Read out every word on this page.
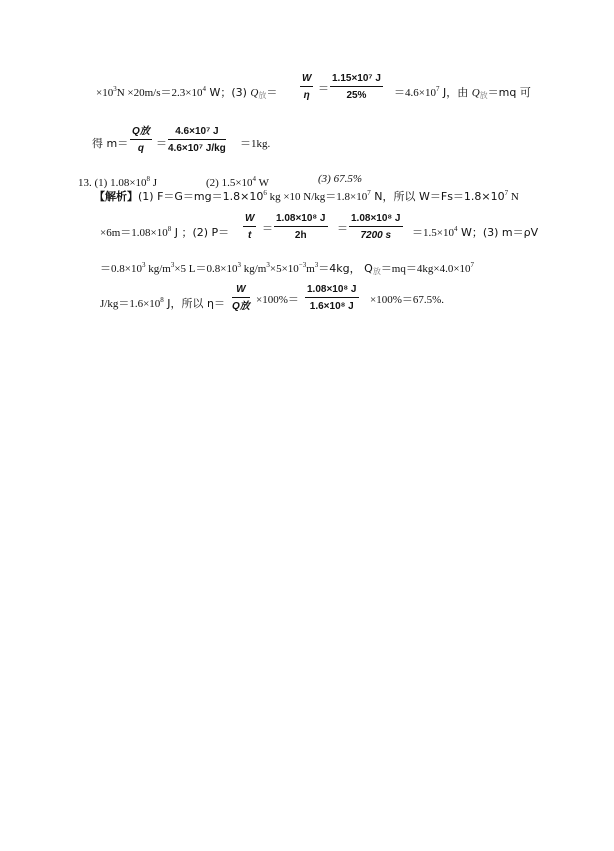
$\times 10^3N \times 20m/s=2.3\times 10^4$ W；(3) $Q_放= \frac{W}{\eta} = \frac{\text{1.15×10⁷ J}}{25\%} =4.6\times 10^7$ J，由 $Q_放=mq$ 可
得 m＝
Q放
q	＝ $\frac{\text{4.6×10⁷ J}}{\text{4.6×10⁷ J/kg}} =1kg$.
13. (1) $1.08\times 10^8$ J	(2) $1.5\times 10^4$ W	(3) 67.5%
【解析】(1) $F=G=mg=1.8\times 10^6$ kg ×10 $N/kg=1.8\times 10^7$ N，所以 $W=Fs=1.8\times 10^7$ N
$\times 6m=1.08\times 10^8$ J ；(2) $P= \frac{W}{t} = \frac{\text{1.08×10⁸ J}}{2h} = \frac{\text{1.08×10⁸ J}}{7200 s} =1.5\times 10^4$ W；(3) m＝ρV
$=0.8\times 10^3$ $kg/m^3\times 5$ $L=0.8\times 10^3$ $kg/m^3\times 5\times 10^{-3}m^3=4kg$， $Q_放=mq=4kg\times 4.0\times 10^7$
$J/kg=1.6\times 10^8$ J，所以 η＝
W
Q放
$\times 100\%= \frac{\text{1.08×10⁸ J}}{\text{1.6×10⁸ J}} \times 100\%=67.5\%$.
